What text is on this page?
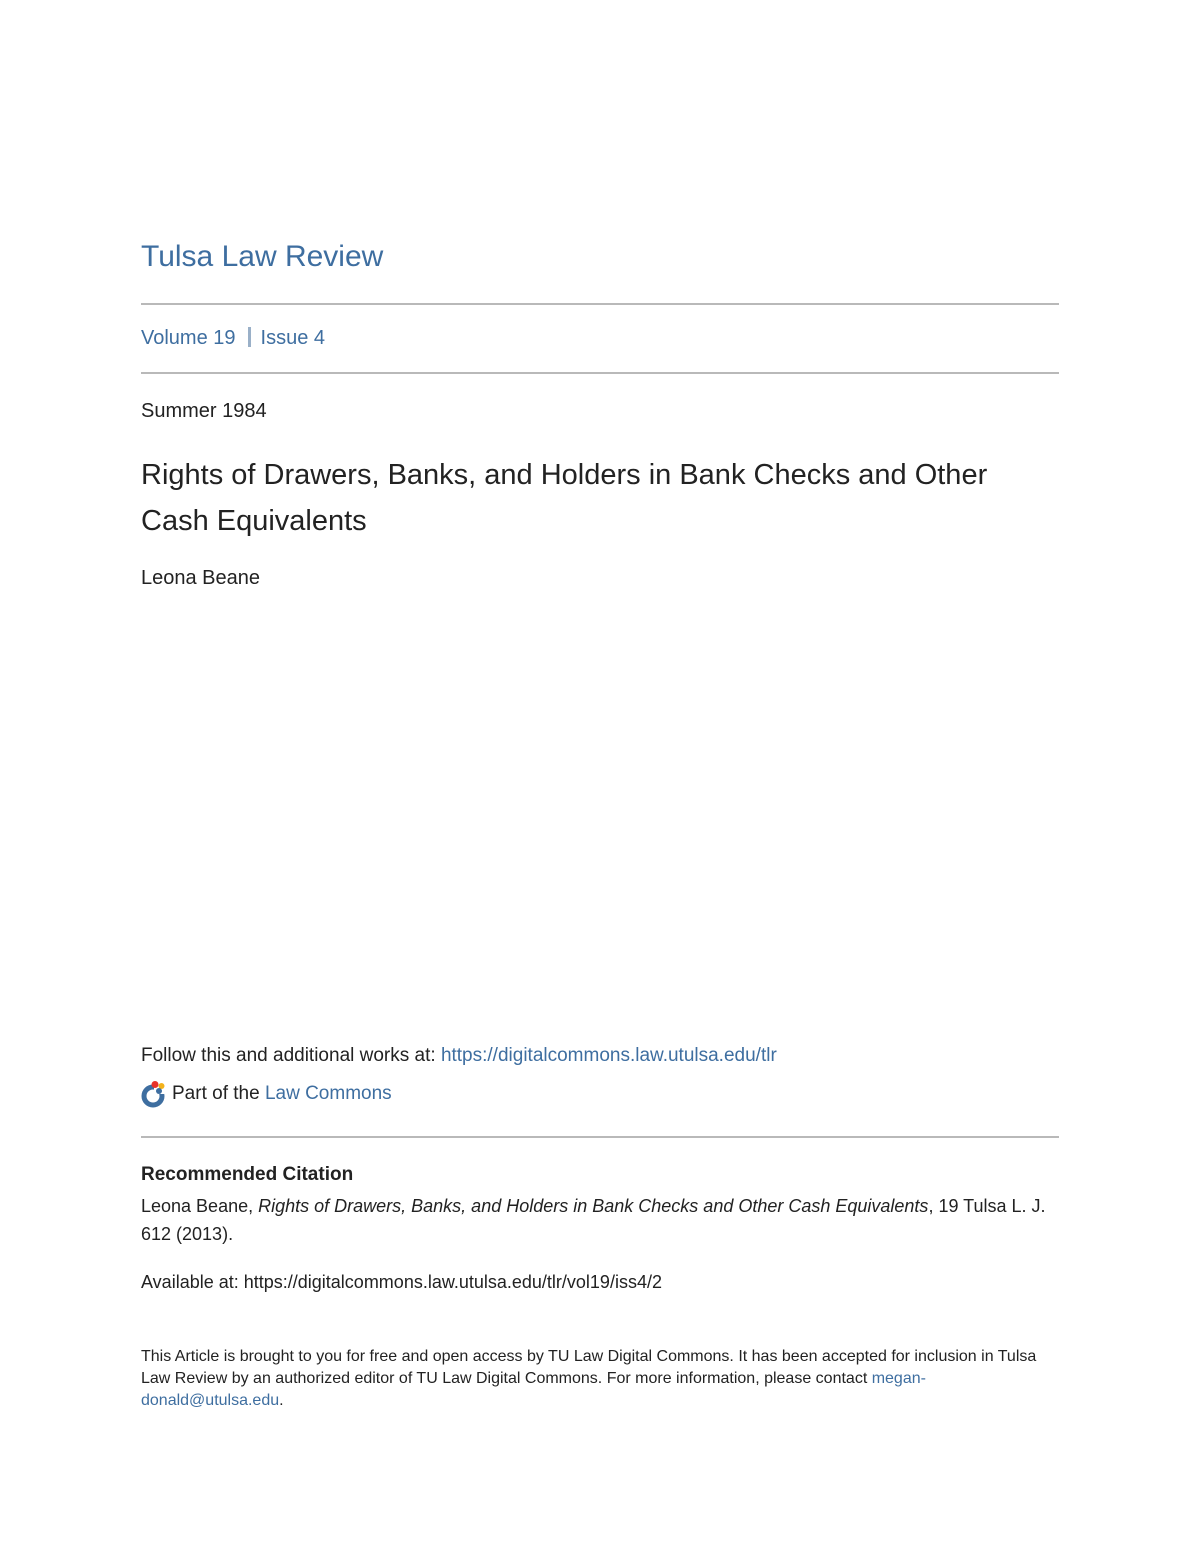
Tulsa Law Review
Volume 19 Issue 4
Summer 1984
Rights of Drawers, Banks, and Holders in Bank Checks and Other Cash Equivalents
Leona Beane
Follow this and additional works at: https://digitalcommons.law.utulsa.edu/tlr
Part of the
Law Commons
Recommended Citation
Leona Beane, Rights of Drawers, Banks, and Holders in Bank Checks and Other Cash Equivalents, 19 Tulsa L. J. 612 (2013).
Available at: https://digitalcommons.law.utulsa.edu/tlr/vol19/iss4/2
This Article is brought to you for free and open access by TU Law Digital Commons. It has been accepted for inclusion in Tulsa Law Review by an authorized editor of TU Law Digital Commons. For more information, please contact megan-donald@utulsa.edu.
